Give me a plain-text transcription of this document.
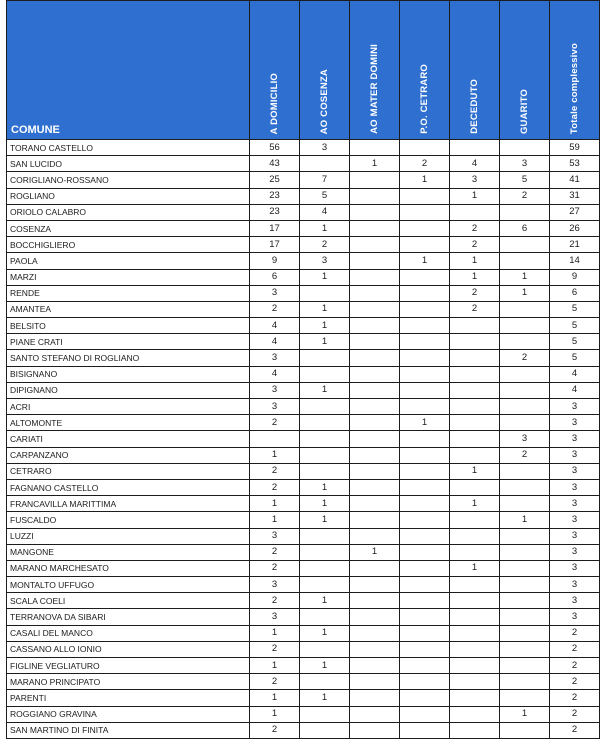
COMUNE	A DOMICILIO	AO COSENZA	AO MATER DOMINI	P.O. CETRARO	DECEDUTO	GUARITO	Totale complessivo
TORANO CASTELLO	56	3					59
SAN LUCIDO	43		1	2	4	3	53
CORIGLIANO-ROSSANO	25	7		1	3	5	41
ROGLIANO	23	5			1	2	31
ORIOLO CALABRO	23	4					27
COSENZA	17	1			2	6	26
BOCCHIGLIERO	17	2			2		21
PAOLA	9	3		1	1		14
MARZI	6	1			1	1	9
RENDE	3				2	1	6
AMANTEA	2	1			2		5
BELSITO	4	1					5
PIANE CRATI	4	1					5
SANTO STEFANO DI ROGLIANO	3					2	5
BISIGNANO	4						4
DIPIGNANO	3	1					4
ACRI	3						3
ALTOMONTE	2			1			3
CARIATI						3	3
CARPANZANO	1					2	3
CETRARO	2				1		3
FAGNANO CASTELLO	2	1					3
FRANCAVILLA MARITTIMA	1	1			1		3
FUSCALDO	1	1				1	3
LUZZI	3						3
MANGONE	2		1				3
MARANO MARCHESATO	2				1		3
MONTALTO UFFUGO	3						3
SCALA COELI	2	1					3
TERRANOVA DA SIBARI	3						3
CASALI DEL MANCO	1	1					2
CASSANO ALLO IONIO	2						2
FIGLINE VEGLIATURO	1	1					2
MARANO PRINCIPATO	2						2
PARENTI	1	1					2
ROGGIANO GRAVINA	1					1	2
SAN MARTINO DI FINITA	2						2
